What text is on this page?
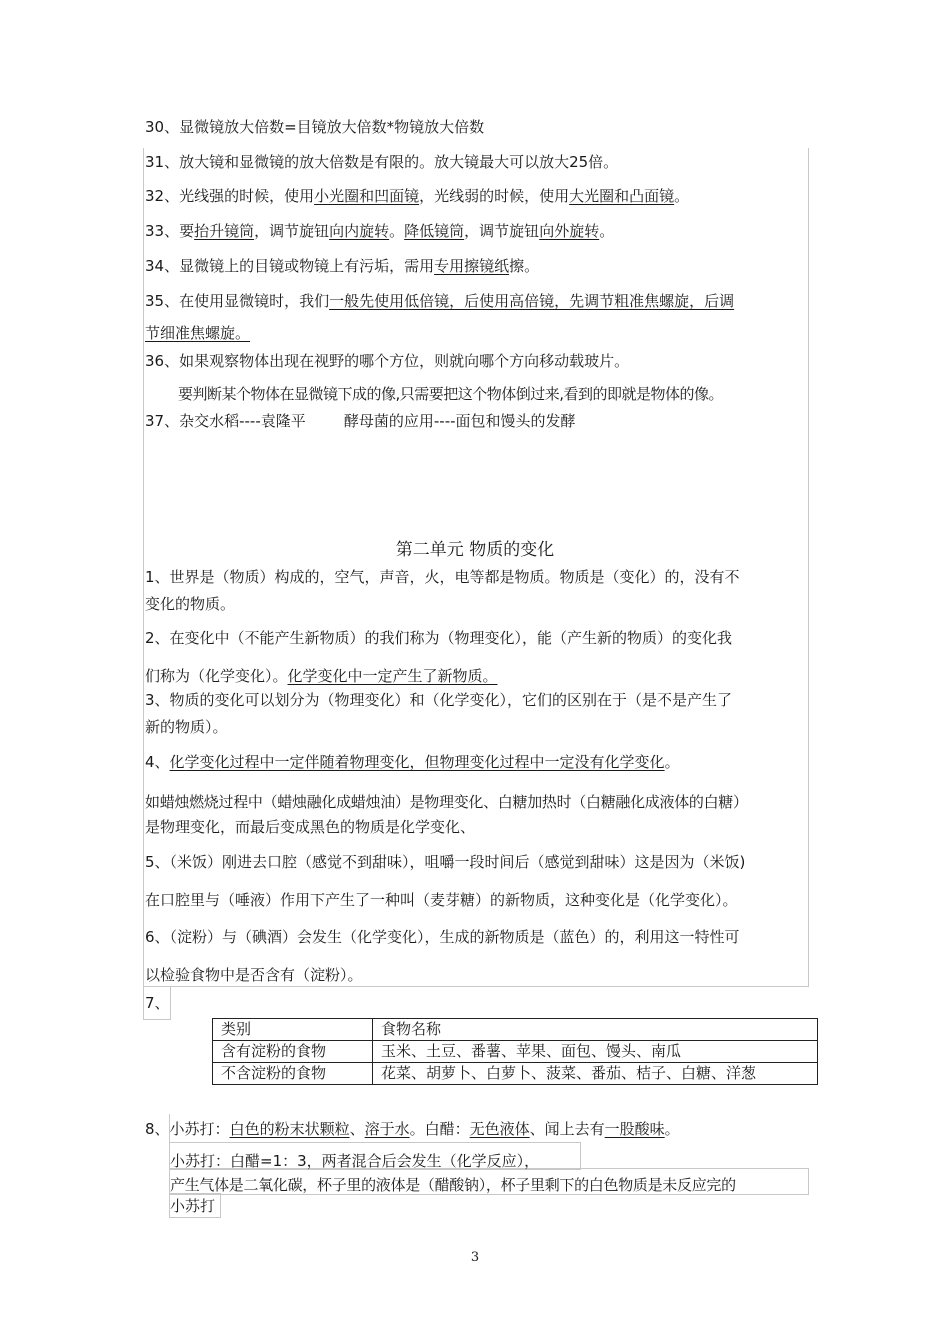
30、显微镜放大倍数=目镜放大倍数*物镜放大倍数
31、放大镜和显微镜的放大倍数是有限的。放大镜最大可以放大25倍。
32、光线强的时候，使用小光圈和凹面镜，光线弱的时候，使用大光圈和凸面镜。
33、要抬升镜筒，调节旋钮向内旋转。降低镜筒，调节旋钮向外旋转。
34、显微镜上的目镜或物镜上有污垢，需用专用擦镜纸擦。
35、在使用显微镜时，我们一般先使用低倍镜，后使用高倍镜，先调节粗准焦螺旋，后调
节细准焦螺旋。
36、如果观察物体出现在视野的哪个方位，则就向哪个方向移动载玻片。
要判断某个物体在显微镜下成的像,只需要把这个物体倒过来,看到的即就是物体的像。
37、杂交水稻----袁隆平        酵母菌的应用----面包和馒头的发酵
第二单元 物质的变化
1、世界是（物质）构成的，空气，声音，火，电等都是物质。物质是（变化）的，没有不
变化的物质。
2、在变化中（不能产生新物质）的我们称为（物理变化），能（产生新的物质）的变化我
们称为（化学变化）。化学变化中一定产生了新物质。
3、物质的变化可以划分为（物理变化）和（化学变化），它们的区别在于（是不是产生了
新的物质）。
4、化学变化过程中一定伴随着物理变化，但物理变化过程中一定没有化学变化。
如蜡烛燃烧过程中（蜡烛融化成蜡烛油）是物理变化、白糖加热时（白糖融化成液体的白糖）
是物理变化，而最后变成黑色的物质是化学变化、
5、（米饭）刚进去口腔（感觉不到甜味），咀嚼一段时间后（感觉到甜味）这是因为（米饭)
在口腔里与（唾液）作用下产生了一种叫（麦芽糖）的新物质，这种变化是（化学变化）。
6、（淀粉）与（碘酒）会发生（化学变化），生成的新物质是（蓝色）的，利用这一特性可
以检验食物中是否含有（淀粉）。
7、
类别	食物名称
含有淀粉的食物	玉米、土豆、番薯、苹果、面包、馒头、南瓜
不含淀粉的食物	花菜、胡萝卜、白萝卜、菠菜、番茄、桔子、白糖、洋葱
8、小苏打：白色的粉末状颗粒、溶于水。白醋：无色液体、闻上去有一股酸味。
小苏打：白醋=1：3，两者混合后会发生（化学反应），
产生气体是二氧化碳，杯子里的液体是（醋酸钠），杯子里剩下的白色物质是未反应完的
小苏打
3
